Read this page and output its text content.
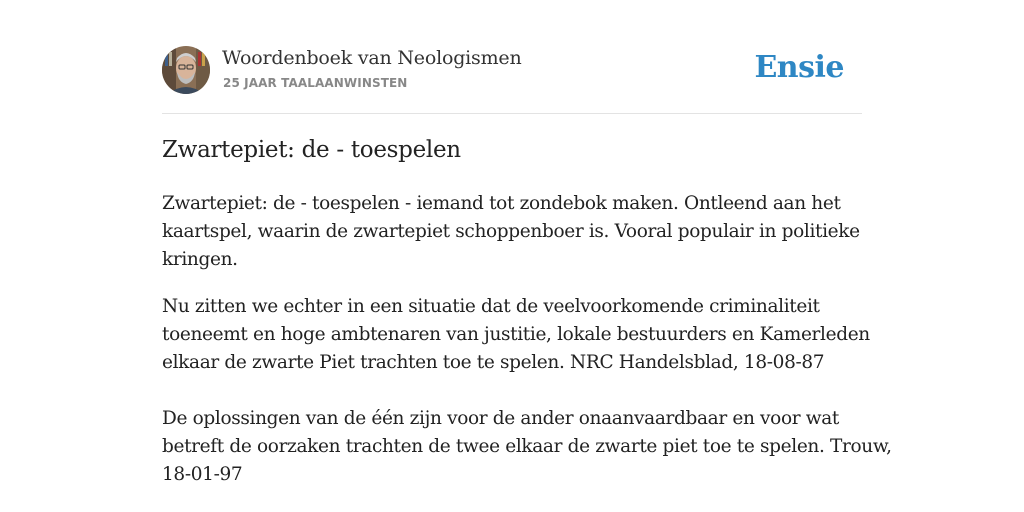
Woordenboek van Neologismen
25 JAAR TAALAANWINSTEN	Ensie
Zwartepiet: de - toespelen

Zwartepiet: de - toespelen - iemand tot zondebok maken. Ontleend aan het
kaartspel, waarin de zwartepiet schoppenboer is. Vooral populair in politieke
kringen.

Nu zitten we echter in een situatie dat de veelvoorkomende criminaliteit
toeneemt en hoge ambtenaren van justitie, lokale bestuurders en Kamerleden
elkaar de zwarte Piet trachten toe te spelen. NRC Handelsblad, 18-08-87

De oplossingen van de één zijn voor de ander onaanvaardbaar en voor wat
betreft de oorzaken trachten de twee elkaar de zwarte piet toe te spelen. Trouw,
18-01-97
